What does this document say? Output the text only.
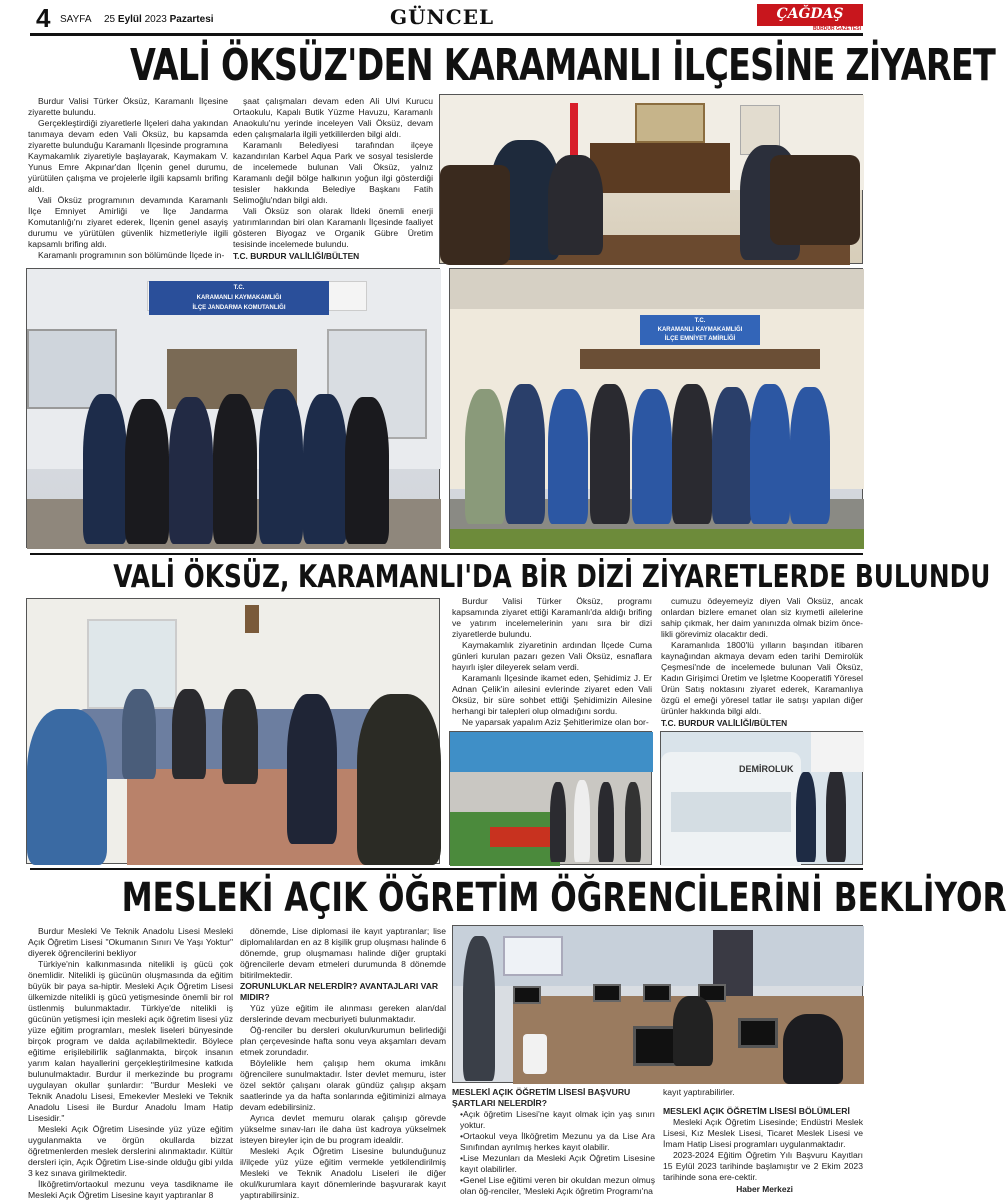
4 SAYFA 25 Eylül 2023 Pazartesi	GÜNCEL	ÇAĞDAŞ
BURDUR GAZETESİ
VALİ ÖKSÜZ'DEN KARAMANLI İLÇESİNE ZİYARET

Burdur Valisi Türker Öksüz, Karamanlı İlçesine ziyarette bulundu.

Gerçekleştirdiği ziyaretlerle İlçeleri daha yakından tanımaya devam eden Vali Öksüz, bu kapsamda ziyarette bulunduğu Karamanlı İlçesinde programına Kaymakamlık ziyaretiyle başlayarak, Kaymakam V. Yunus Emre Akpınar'dan İlçenin genel durumu, yürütülen çalışma ve projelerle ilgili kapsamlı brifing aldı.

Vali Öksüz programının devamında Karamanlı İlçe Emniyet Amirliği ve İlçe Jandarma Komutanlığı'nı ziyaret ederek, İlçenin genel asayiş durumu ve yürütülen güvenlik hizmetleriyle ilgili kapsamlı brifing aldı.

Karamanlı programının son bölümünde İlçede in-

şaat çalışmaları devam eden Ali Ulvi Kurucu Ortaokulu, Kapalı Butik Yüzme Havuzu, Karamanlı Anaokulu'nu yerinde inceleyen Vali Öksüz, devam eden çalışmalarla ilgili yetkililerden bilgi aldı.

Karamanlı Belediyesi tarafından ilçeye kazandırılan Karbel Aqua Park ve sosyal tesislerde de incelemede bulunan Vali Öksüz, yalnız Karamanlı değil bölge halkının yoğun ilgi gösterdiği tesisler hakkında Belediye Başkanı Fatih Selimoğlu'ndan bilgi aldı.

Vali Öksüz son olarak İldeki önemli enerji yatırımlarından biri olan Karamanlı İlçesinde faaliyet gösteren Biyogaz ve Organik Gübre Üretim tesisinde incelemede bulundu.

T.C. BURDUR VALİLİĞİ/BÜLTEN

T.C.
KARAMANLI KAYMAKAMLIĞI
İLÇE JANDARMA KOMUTANLIĞI
T.C.
KARAMANLI KAYMAKAMLIĞI
İLÇE EMNİYET AMİRLİĞİ
VALİ ÖKSÜZ, KARAMANLI'DA BİR DİZİ ZİYARETLERDE BULUNDU

Burdur Valisi Türker Öksüz, programı kapsamında ziyaret ettiği Karamanlı'da aldığı brifing ve yatırım incelemelerinin yanı sıra bir dizi ziyaretlerde bulundu.

Kaymakamlık ziyaretinin ardından İlçede Cuma günleri kurulan pazarı gezen Vali Öksüz, esnaflara hayırlı işler dileyerek selam verdi.

Karamanlı İlçesinde ikamet eden, Şehidimiz J. Er Adnan Çelik'in ailesini evlerinde ziyaret eden Vali Öksüz, bir süre sohbet ettiği Şehidimizin Ailesine herhangi bir talepleri olup olmadığını sordu.

Ne yaparsak yapalım Aziz Şehitlerimize olan bor-

cumuzu ödeyemeyiz diyen Vali Öksüz, ancak onlardan bizlere emanet olan siz kıymetli ailelerine sahip çıkmak, her daim yanınızda olmak bizim önce-likli görevimiz olacaktır dedi.

Karamanlıda 1800'lü yılların başından itibaren kaynağından akmaya devam eden tarihi Demirolük Çeşmesi'nde de incelemede bulunan Vali Öksüz, Kadın Girişimci Üretim ve İşletme Kooperatifi Yöresel Ürün Satış noktasını ziyaret ederek, Karamanlıya özgü el emeği yöresel tatlar ile satışı yapılan diğer ürünler hakkında bilgi aldı.

T.C. BURDUR VALİLİĞİ/BÜLTEN

DEMİROLUK
MESLEKİ AÇIK ÖĞRETİM ÖĞRENCİLERİNİ BEKLİYOR

Burdur Mesleki Ve Teknik Anadolu Lisesi Mesleki Açık Öğretim Lisesi "Okumanın Sınırı Ve Yaşı Yoktur" diyerek öğrencilerini bekliyor

Türkiye'nin kalkınmasında nitelikli iş gücü çok önemlidir. Nitelikli iş gücünün oluşmasında da eğitim büyük bir paya sa-hiptir. Mesleki Açık Öğretim Lisesi ülkemizde nitelikli iş gücü yetişmesinde önemli bir rol üstlenmiş bulunmaktadır. Türkiye'de nitelikli iş gücünün yetişmesi için mesleki açık öğretim lisesi yüz yüze eğitim programları, meslek liseleri bünyesinde birçok program ve dalda açılabilmektedir. Böylece eğitime erişilebilirlik sağlanmakta, birçok insanın yarım kalan hayallerini gerçekleştirilmesine katkıda bulunulmaktadır. Burdur il merkezinde bu programı uygulayan okullar şunlardır: "Burdur Mesleki ve Teknik Anadolu Lisesi, Emekevler Mesleki ve Teknik Anadolu Lisesi ile Burdur Anadolu İmam Hatip Lisesidir."

Mesleki Açık Öğretim Lisesinde yüz yüze eğitim uygulanmakta ve örgün okullarda bizzat öğretmenlerden meslek derslerini alınmaktadır. Kültür dersleri için, Açık Öğretim Lise-sinde olduğu gibi yılda 3 kez sınava girilmektedir.

İlköğretim/ortaokul mezunu veya tasdikname ile Mesleki Açık Öğretim Lisesine kayıt yaptıranlar 8

dönemde, Lise diplomasi ile kayıt yaptıranlar; lise diplomalılardan en az 8 kişilik grup oluşması halinde 6 dönemde, grup oluşmaması halinde diğer gruptaki öğrencilerle devam etmeleri durumunda 8 dönemde bitirilmektedir.

ZORUNLUKLAR NELERDİR? AVANTAJLARI VAR MIDIR?

Yüz yüze eğitim ile alınması gereken alan/dal derslerinde devam mecburiyeti bulunmaktadır.

Öğ-renciler bu dersleri okulun/kurumun belirlediği plan çerçevesinde hafta sonu veya akşamları devam etmek zorundadır.

Böylelikle hem çalışıp hem okuma imkânı öğrencilere sunulmaktadır. İster devlet memuru, ister özel sektör çalışanı olarak gündüz çalışıp akşam saatlerinde ya da hafta sonlarında eğitiminizi almaya devam edebilirsiniz.

Ayrıca devlet memuru olarak çalışıp görevde yükselme sınav-ları ile daha üst kadroya yükselmek isteyen bireyler için de bu program idealdir.

Mesleki Açık Öğretim Lisesine bulunduğunuz il/ilçede yüz yüze eğitim vermekle yetkilendirilmiş Mesleki ve Teknik Anadolu Liseleri ile diğer okul/kurumlara kayıt dönemlerinde başvurarak kayıt yaptırabilirsiniz.

MESLEKİ AÇIK ÖĞRETİM LİSESİ BAŞVURU ŞARTLARI NELERDİR?

•Açık öğretim Lisesi'ne kayıt olmak için yaş sınırı yoktur.

•Ortaokul veya İlköğretim Mezunu ya da Lise Ara Sınıfından ayrılmış herkes kayıt olabilir.

•Lise Mezunları da Mesleki Açık Öğretim Lisesine kayıt olabilirler.

•Genel Lise eğitimi veren bir okuldan mezun olmuş olan öğ-renciler, 'Mesleki Açık öğretim Programı'na

kayıt yaptırabilirler.

MESLEKİ AÇIK ÖĞRETİM LİSESİ BÖLÜMLERİ

Mesleki Açık Öğretim Lisesinde; Endüstri Meslek Lisesi, Kız Meslek Lisesi, Ticaret Meslek Lisesi ve İmam Hatip Lisesi programları uygulanmaktadır.

2023-2024 Eğitim Öğretim Yılı Başvuru Kayıtları 15 Eylül 2023 tarihinde başlamıştır ve 2 Ekim 2023 tarihinde sona ere-cektir.

Haber Merkezi
